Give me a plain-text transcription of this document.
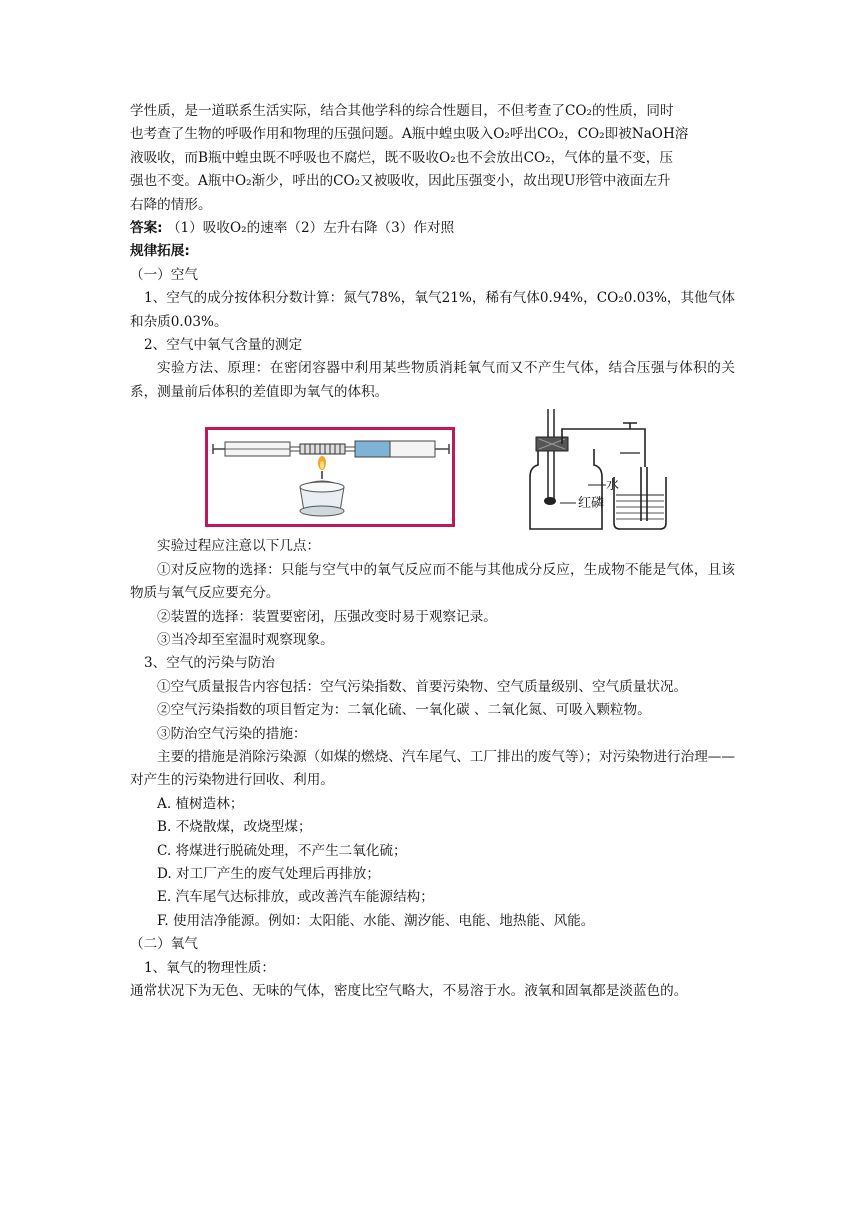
学性质，是一道联系生活实际，结合其他学科的综合性题目，不但考查了CO₂的性质，同时

也考查了生物的呼吸作用和物理的压强问题。A瓶中蝗虫吸入O₂呼出CO₂，CO₂即被NaOH溶

液吸收，而B瓶中蝗虫既不呼吸也不腐烂，既不吸收O₂也不会放出CO₂，气体的量不变，压

强也不变。A瓶中O₂渐少，呼出的CO₂又被吸收，因此压强变小，故出现U形管中液面左升

右降的情形。

答案: （1）吸收O₂的速率（2）左升右降（3）作对照

规律拓展:

（一）空气

1、空气的成分按体积分数计算：氮气78%，氧气21%，稀有气体0.94%，CO₂0.03%，其他气体和杂质0.03%。

2、空气中氧气含量的测定

实验方法、原理：在密闭容器中利用某些物质消耗氧气而又不产生气体，结合压强与体积的关系，测量前后体积的差值即为氧气的体积。

水
红磷

实验过程应注意以下几点：

①对反应物的选择：只能与空气中的氧气反应而不能与其他成分反应，生成物不能是气体，且该物质与氧气反应要充分。

②装置的选择：装置要密闭，压强改变时易于观察记录。

③当冷却至室温时观察现象。

3、空气的污染与防治

①空气质量报告内容包括：空气污染指数、首要污染物、空气质量级别、空气质量状况。

②空气污染指数的项目暂定为：二氧化硫、一氧化碳 、二氧化氮、可吸入颗粒物。

③防治空气污染的措施：

主要的措施是消除污染源（如煤的燃烧、汽车尾气、工厂排出的废气等）；对污染物进行治理——对产生的污染物进行回收、利用。

A. 植树造林；

B. 不烧散煤，改烧型煤；

C. 将煤进行脱硫处理，不产生二氧化硫；

D. 对工厂产生的废气处理后再排放；

E. 汽车尾气达标排放，或改善汽车能源结构；

F. 使用洁净能源。例如：太阳能、水能、潮汐能、电能、地热能、风能。

（二）氧气

1、氧气的物理性质：

通常状况下为无色、无味的气体，密度比空气略大，不易溶于水。液氧和固氧都是淡蓝色的。
